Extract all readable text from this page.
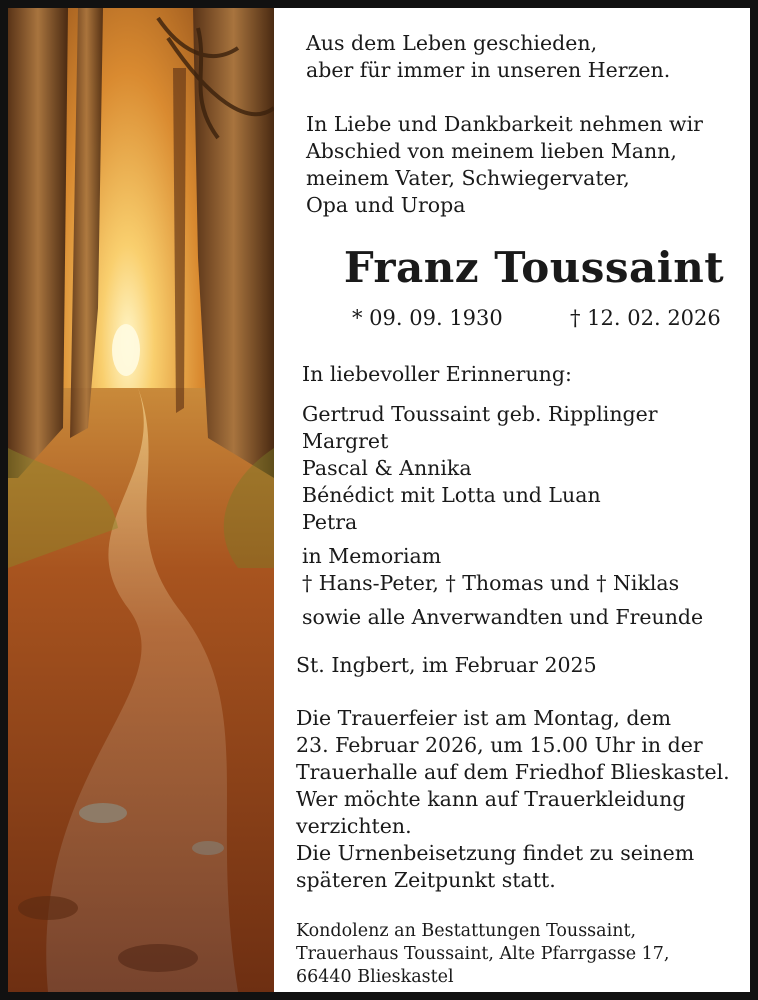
Aus dem Leben geschieden,
aber für immer in unseren Herzen.
In Liebe und Dankbarkeit nehmen wir
Abschied von meinem lieben Mann,
meinem Vater, Schwiegervater,
Opa und Uropa
Franz Toussaint
* 09. 09. 1930	† 12. 02. 2026
In liebevoller Erinnerung:
Gertrud Toussaint geb. Ripplinger
Margret
Pascal & Annika
Bénédict mit Lotta und Luan
Petra
in Memoriam
† Hans-Peter, † Thomas und † Niklas
sowie alle Anverwandten und Freunde
St. Ingbert, im Februar 2025
Die Trauerfeier ist am Montag, dem
23. Februar 2026, um 15.00 Uhr in der
Trauerhalle auf dem Friedhof Blieskastel.
Wer möchte kann auf Trauerkleidung
verzichten.
Die Urnenbeisetzung findet zu seinem
späteren Zeitpunkt statt.
Kondolenz an Bestattungen Toussaint,
Trauerhaus Toussaint, Alte Pfarrgasse 17,
66440 Blieskastel
